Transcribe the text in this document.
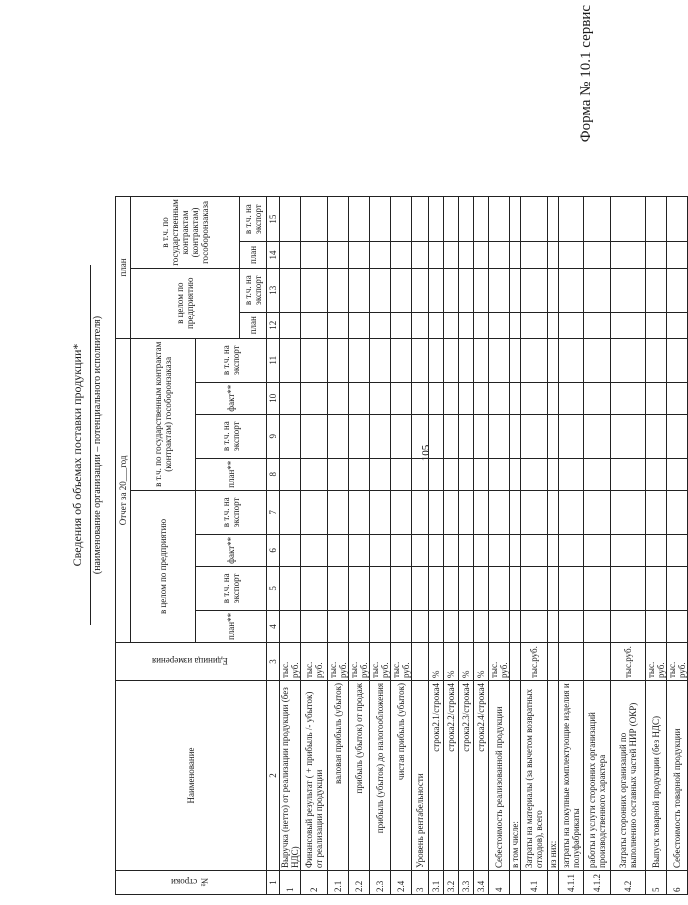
105
Форма № 10.1 сервис
Сведения об объемах поставки продукции* (наименование организации – потенциального исполнителя)
№ строки	Наименование	Единица измерения	Отчет за 20___год								план			
			в целом по предприятию				в т.ч. по государственным контрактам (контрактам) гособоронзаказа				в целом по предприятию		в т.ч. по государственным контрактам (контрактам) гособоронзаказа	
			план**	в т.ч. на экспорт	факт**	в т.ч. на экспорт	план**	в т.ч. на экспорт	факт**	в т.ч. на экспорт				
											план	в т.ч. на экспорт	план	в т.ч. на экспорт
1	2	3	4	5	6	7	8	9	10	11	12	13	14	15
1	Выручка (нетто) от реализации продукции (без НДС)	тыс. руб.												
2	Финансовый результат ( + прибыль /- убыток) от реализации продукции	тыс. руб.												
2.1	валовая прибыль (убыток)	тыс. руб.												
2.2	прибыль (убыток) от продаж	тыс. руб.												
2.3	прибыль (убыток) до налогообложения	тыс. руб.												
2.4	чистая прибыль (убыток)	тыс. руб.												
3	Уровень рентабельности													
3.1	строка2.1/строка4	%												
3.2	строка2.2/строка4	%												
3.3	строка2.3/строка4	%												
3.4	строка2.4/строка4	%												
4	Себестоимость реализованной продукции	тыс. руб.												
	в том числе:													
4.1	Затраты на материалы (за вычетом возвратных отходов), всего	тыс.руб.												
	из них:													
4.1.1	затраты на покупные комплектующие изделия и полуфабрикаты													
4.1.2	работы и услуги сторонних организаций производственного характера													
4.2	Затраты сторонних организаций по выполнению составных частей НИР (ОКР)	тыс.руб.												
5	Выпуск товарной продукции (без НДС)	тыс. руб.												
6	Себестоимость товарной продукции	тыс. руб.												
